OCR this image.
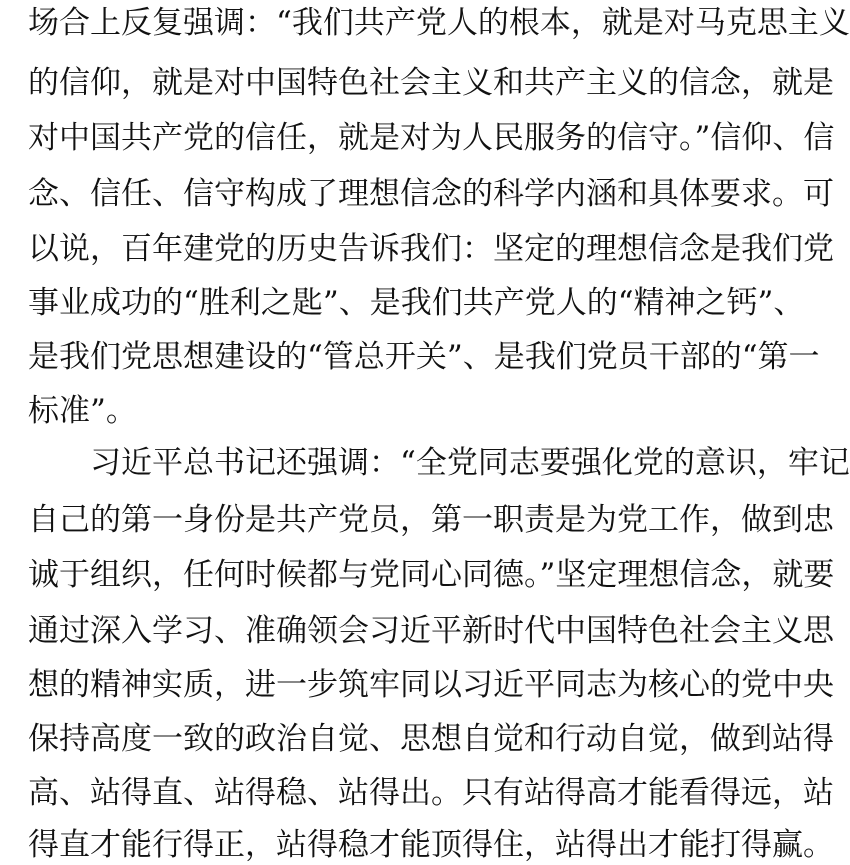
场合上反复强调：“我们共产党人的根本，就是对马克思主义
的信仰，就是对中国特色社会主义和共产主义的信念，就是
对中国共产党的信任，就是对为人民服务的信守。”信仰、信
念、信任、信守构成了理想信念的科学内涵和具体要求。可
以说，百年建党的历史告诉我们：坚定的理想信念是我们党
事业成功的“胜利之匙”、是我们共产党人的“精神之钙”、
是我们党思想建设的“管总开关”、是我们党员干部的“第一
标准”。
习近平总书记还强调：“全党同志要强化党的意识，牢记
自己的第一身份是共产党员，第一职责是为党工作，做到忠
诚于组织，任何时候都与党同心同德。”坚定理想信念，就要
通过深入学习、准确领会习近平新时代中国特色社会主义思
想的精神实质，进一步筑牢同以习近平同志为核心的党中央
保持高度一致的政治自觉、思想自觉和行动自觉，做到站得
高、站得直、站得稳、站得出。只有站得高才能看得远，站
得直才能行得正，站得稳才能顶得住，站得出才能打得赢。
